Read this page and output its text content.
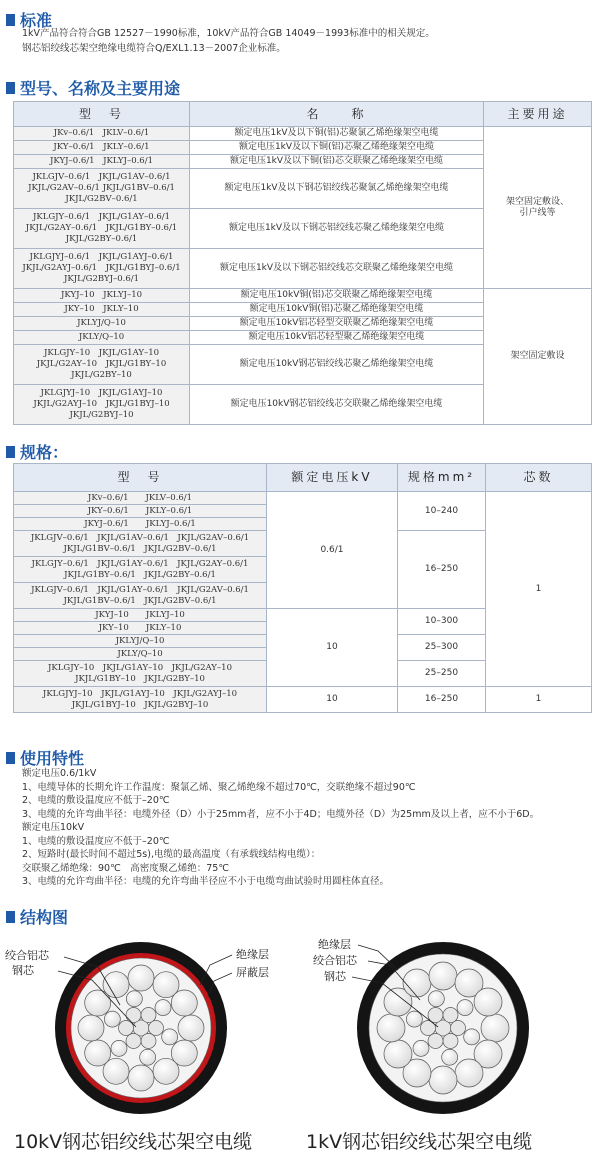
标准
1kV产品符合符合GB 12527－1990标准，10kV产品符合GB 14049－1993标准中的相关规定。
钢芯铝绞线芯架空绝缘电缆符合Q/EXL1.13－2007企业标准。
型号、名称及主要用途
型　号	名　　称	主要用途
JKv–0.6/1　JKLV–0.6/1	额定电压1kV及以下铜(铝)芯聚氯乙烯绝缘架空电缆	架空固定敷设、
引户线等
JKY–0.6/1　JKLY–0.6/1	额定电压1kV及以下铜(铝)芯聚乙烯绝缘架空电缆	
JKYJ–0.6/1　JKLYJ–0.6/1	额定电压1kV及以下铜(铝)芯交联聚乙烯绝缘架空电缆	
JKLGJV–0.6/1　JKJL/G1AV–0.6/1
JKJL/G2AV–0.6/1 JKJL/G1BV–0.6/1
JKJL/G2BV–0.6/1	额定电压1kV及以下钢芯铝绞线芯聚氯乙烯绝缘架空电缆	
JKLGJY–0.6/1　JKJL/G1AY–0.6/1
JKJL/G2AY–0.6/1　JKJL/G1BY–0.6/1
JKJL/G2BY–0.6/1	额定电压1kV及以下钢芯铝绞线芯聚乙烯绝缘架空电缆	
JKLGJYJ–0.6/1　JKJL/G1AYJ–0.6/1
JKJL/G2AYJ–0.6/1　JKJL/G1BYJ–0.6/1
JKJL/G2BYJ–0.6/1	额定电压1kV及以下钢芯铝绞线芯交联聚乙烯绝缘架空电缆	
JKYJ–10　JKLYJ–10	额定电压10kV铜(铝)芯交联聚乙烯绝缘架空电缆	架空固定敷设
JKY–10　JKLY–10	额定电压10kV铜(铝)芯聚乙烯绝缘架空电缆	
JKLYJ/Q–10	额定电压10kV铝芯轻型交联聚乙烯绝缘架空电缆	
JKLY/Q–10	额定电压10kV铝芯轻型聚乙烯绝缘架空电缆	
JKLGJY–10　JKJL/G1AY–10
JKJL/G2AY–10　JKJL/G1BY–10
JKJL/G2BY–10	额定电压10kV钢芯铝绞线芯聚乙烯绝缘架空电缆	
JKLGJYJ–10　JKJL/G1AYJ–10
JKJL/G2AYJ–10　JKJL/G1BYJ–10
JKJL/G2BYJ–10	额定电压10kV钢芯铝绞线芯交联聚乙烯绝缘架空电缆	
规格：
型　号	额定电压kV	规格mm²	芯数
JKv–0.6/1　　JKLV–0.6/1	0.6/1	10–240	1
JKY–0.6/1　　JKLY–0.6/1			
JKYJ–0.6/1　　JKLYJ–0.6/1			
JKLGJV–0.6/1　JKJL/G1AV–0.6/1　JKJL/G2AV–0.6/1
JKJL/G1BV–0.6/1　JKJL/G2BV–0.6/1		16–250	
JKLGJY–0.6/1　JKJL/G1AY–0.6/1　JKJL/G2AY–0.6/1
JKJL/G1BY–0.6/1　JKJL/G2BY–0.6/1			
JKLGJV–0.6/1　JKJL/G1AY–0.6/1　JKJL/G2AV–0.6/1
JKJL/G1BV–0.6/1　JKJL/G2BV–0.6/1			
JKYJ–10　　JKLYJ–10	10	10–300	
JKY–10　　JKLY–10			
JKLYJ/Q–10		25–300	
JKLY/Q–10			
JKLGJY–10　JKJL/G1AY–10　JKJL/G2AY–10
JKJL/G1BY–10　JKJL/G2BY–10		25–250	
JKLGJYJ–10　JKJL/G1AYJ–10　JKJL/G2AYJ–10
JKJL/G1BYJ–10　JKJL/G2BYJ–10	10	16–250	1
使用特性
额定电压0.6/1kV
1、电缆导体的长期允许工作温度：聚氯乙烯、聚乙烯绝缘不超过70℃，交联绝缘不超过90℃
2、电缆的敷设温度应不低于–20℃
3、电缆的允许弯曲半径：电缆外径（D）小于25mm者，应不小于4D；电缆外径（D）为25mm及以上者，应不小于6D。
额定电压10kV
1、电缆的敷设温度应不低于–20℃
2、短路时(最长时间不超过5s),电缆的最高温度（有承载线结构电缆）：
交联聚乙烯绝缘：90℃　高密度聚乙烯绝：75℃
3、电缆的允许弯曲半径：电缆的允许弯曲半径应不小于电缆弯曲试验时用圆柱体直径。
结构图
绞合铝芯
钢芯
绝缘层
屏蔽层
绝缘层
绞合铝芯
钢芯
10kV钢芯铝绞线芯架空电缆	1kV钢芯铝绞线芯架空电缆
